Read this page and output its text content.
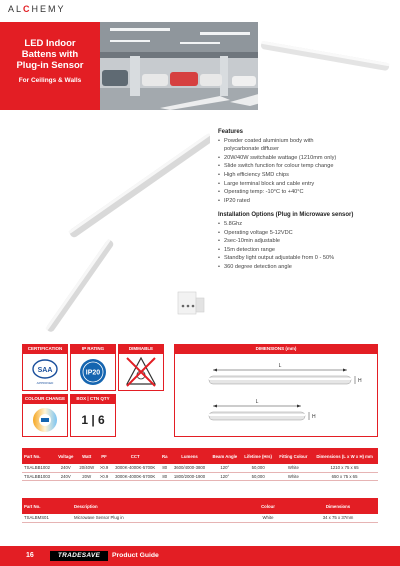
ALCHEMY
LED Indoor
Battens with
Plug-in Sensor
For Ceilings & Walls
Features
• Powder coated aluminium body with
polycarbonate diffuser
• 20W/40W switchable wattage (1210mm only)
• Slide switch function for colour temp change
• High efficiency SMD chips
• Large terminal block and cable entry
• Operating temp: -10°C to +40°C
• IP20 rated
Installation Options (Plug in Microwave sensor)
• 5.8Ghz
• Operating voltage 5-12VDC
• 2sec-10min adjustable
• 15m detection range
• Standby light output adjustable from 0 - 50%
• 360 degree detection angle
CERTIFICATION	IP RATING	DIMMABLE	DIMENSIONS (mm)
SAA
APPROVED
IP20
COLOUR CHANGE	BOX | CTN QTY
1 | 6
L
H
L
H
Part No.	Voltage	Watt	PF	CCT	Ra	Lumens	Beam Angle	Lifetime (Hrs)	Fitting Colour	Dimensions (L x W x H) mm
TSALBB1002	240V	20/40W	>0.9	3000K-4000K-5700K	80	3600/4000-3800	120°	50,000	White	1210 x 75 x 65
TSALBB1003	240V	20W	>0.9	3000K-4000K-5700K	80	1800/2000-1900	120°	50,000	White	650 x 75 x 65
Part No.	Description	Colour	Dimensions
TSALBMS01	Microwave Sensor Plug in	White	34 x 75 x 37mm
16	TRADESAVE	Product Guide
